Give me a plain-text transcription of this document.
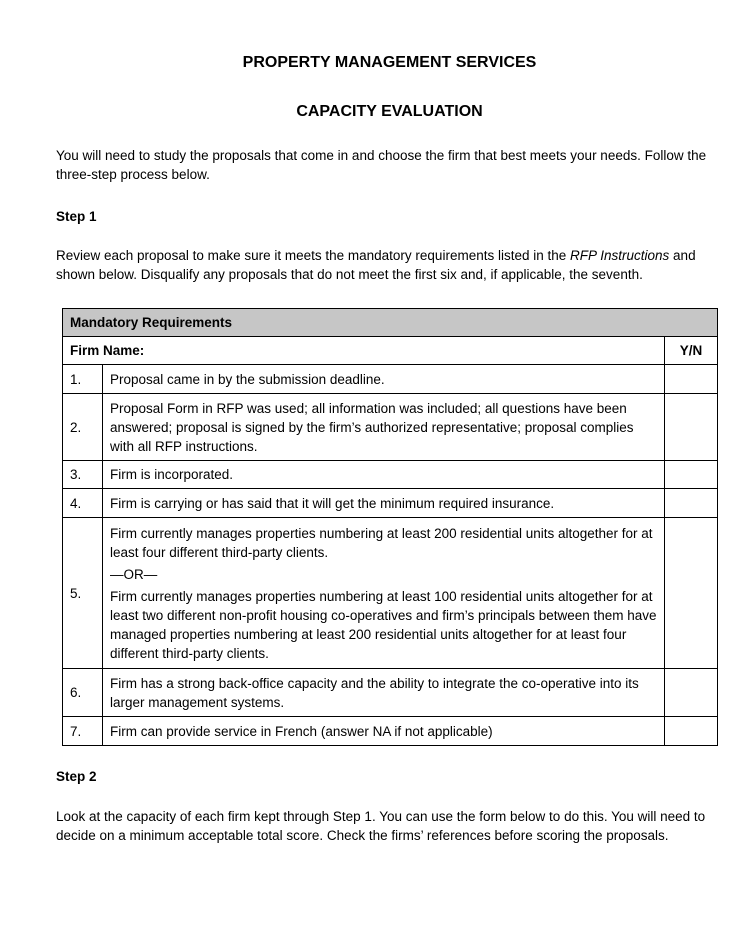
PROPERTY MANAGEMENT SERVICES
CAPACITY EVALUATION

You will need to study the proposals that come in and choose the firm that best meets your needs. Follow the three-step process below.

Step 1

Review each proposal to make sure it meets the mandatory requirements listed in the RFP Instructions and shown below. Disqualify any proposals that do not meet the first six and, if applicable, the seventh.

Mandatory Requirements		
Firm Name:		Y/N
1.	Proposal came in by the submission deadline.	
2.	Proposal Form in RFP was used; all information was included; all questions have been answered; proposal is signed by the firm’s authorized representative; proposal complies with all RFP instructions.	
3.	Firm is incorporated.	
4.	Firm is carrying or has said that it will get the minimum required insurance.	
5.	Firm currently manages properties numbering at least 200 residential units altogether for at least four different third-party clients.
—OR—
Firm currently manages properties numbering at least 100 residential units altogether for at least two different non-profit housing co-operatives and firm’s principals between them have managed properties numbering at least 200 residential units altogether for at least four different third-party clients.	

6.	Firm has a strong back-office capacity and the ability to integrate the co-operative into its larger management systems.	
7.	Firm can provide service in French (answer NA if not applicable)	

Step 2

Look at the capacity of each firm kept through Step 1. You can use the form below to do this. You will need to decide on a minimum acceptable total score. Check the firms’ references before scoring the proposals.
